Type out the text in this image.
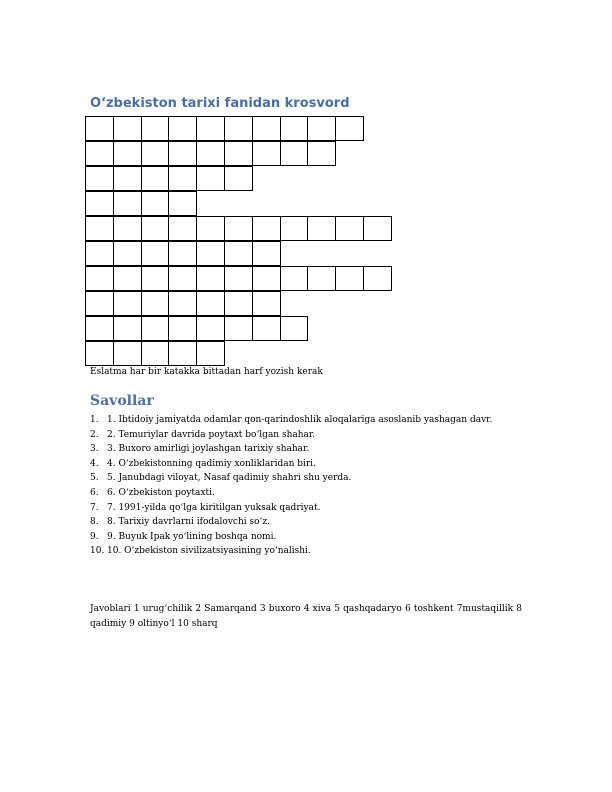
O‘zbekiston tarixi fanidan krosvord
Eslatma har bir katakka bittadan harf yozish kerak
Savollar
1. 1. Ibtidoiy jamiyatda odamlar qon-qarindoshlik aloqalariga asoslanib yashagan davr.
2. 2. Temuriylar davrida poytaxt bo‘lgan shahar.
3. 3. Buxoro amirligi joylashgan tarixiy shahar.
4. 4. O‘zbekistonning qadimiy xonliklaridan biri.
5. 5. Janubdagi viloyat, Nasaf qadimiy shahri shu yerda.
6. 6. O‘zbekiston poytaxti.
7. 7. 1991-yilda qo‘lga kiritilgan yuksak qadriyat.
8. 8. Tarixiy davrlarni ifodalovchi so‘z.
9. 9. Buyuk Ipak yo‘lining boshqa nomi.
10. 10. O‘zbekiston sivilizatsiyasining yo‘nalishi.
Javoblari 1 urug‘chilik 2 Samarqand 3 buxoro 4 xiva 5 qashqadaryo 6 toshkent 7mustaqillik 8 qadimiy 9 oltinyo‘l 10 sharq
